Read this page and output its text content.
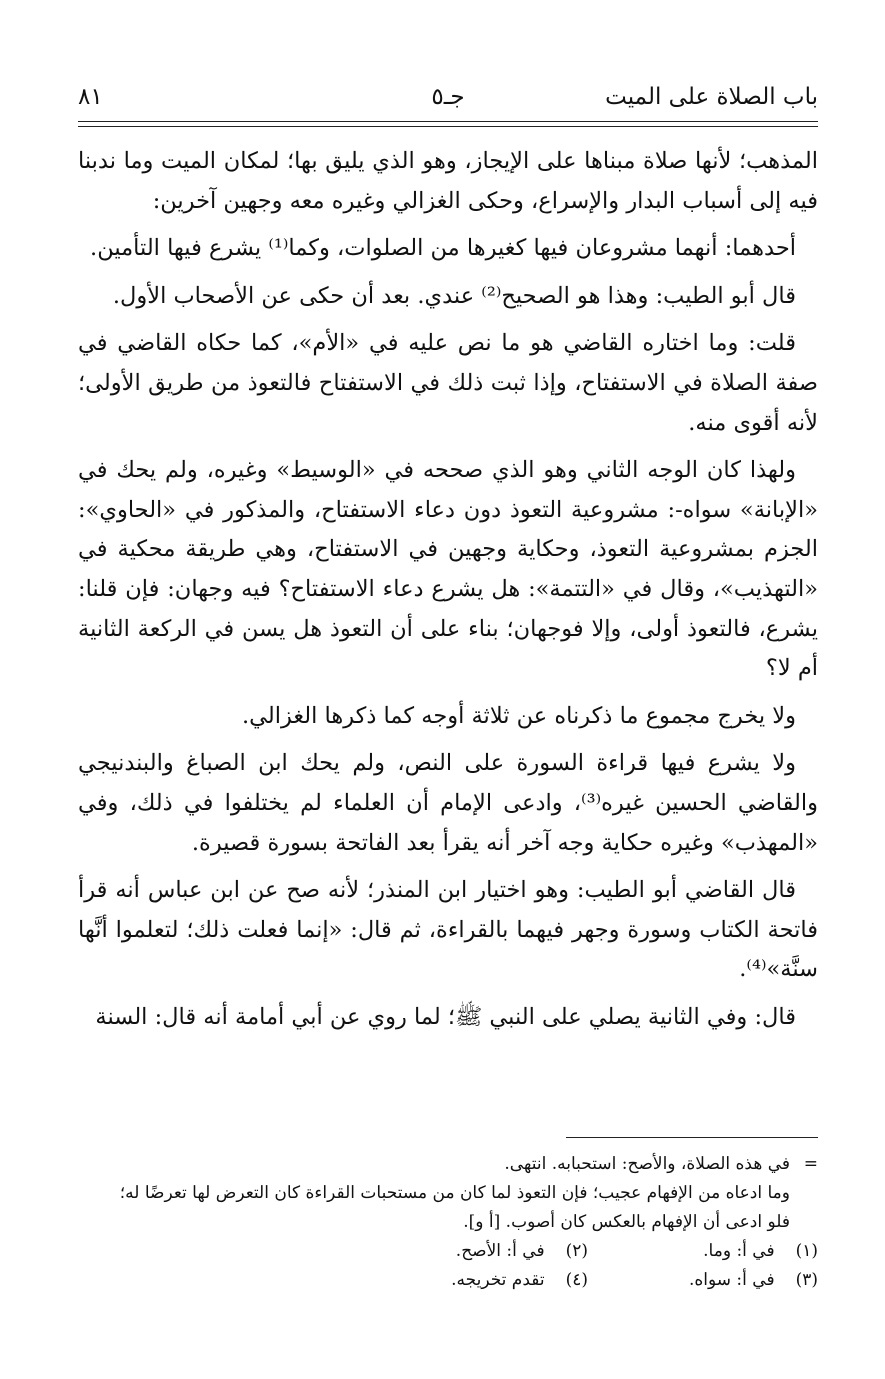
باب الصلاة على الميت
جـ٥
٨١

المذهب؛ لأنها صلاة مبناها على الإيجاز، وهو الذي يليق بها؛ لمكان الميت وما ندبنا فيه إلى أسباب البدار والإسراع، وحكى الغزالي وغيره معه وجهين آخرين:

أحدهما: أنهما مشروعان فيها كغيرها من الصلوات، وكما⁽¹⁾ يشرع فيها التأمين.

قال أبو الطيب: وهذا هو الصحيح⁽²⁾ عندي. بعد أن حكى عن الأصحاب الأول.

قلت: وما اختاره القاضي هو ما نص عليه في «الأم»، كما حكاه القاضي في صفة الصلاة في الاستفتاح، وإذا ثبت ذلك في الاستفتاح فالتعوذ من طريق الأولى؛ لأنه أقوى منه.

ولهذا كان الوجه الثاني وهو الذي صححه في «الوسيط» وغيره، ولم يحك في «الإبانة» سواه-: مشروعية التعوذ دون دعاء الاستفتاح، والمذكور في «الحاوي»: الجزم بمشروعية التعوذ، وحكاية وجهين في الاستفتاح، وهي طريقة محكية في «التهذيب»، وقال في «التتمة»: هل يشرع دعاء الاستفتاح؟ فيه وجهان: فإن قلنا: يشرع، فالتعوذ أولى، وإلا فوجهان؛ بناء على أن التعوذ هل يسن في الركعة الثانية أم لا؟

ولا يخرج مجموع ما ذكرناه عن ثلاثة أوجه كما ذكرها الغزالي.

ولا يشرع فيها قراءة السورة على النص، ولم يحك ابن الصباغ والبندنيجي والقاضي الحسين غيره⁽³⁾، وادعى الإمام أن العلماء لم يختلفوا في ذلك، وفي «المهذب» وغيره حكاية وجه آخر أنه يقرأ بعد الفاتحة بسورة قصيرة.

قال القاضي أبو الطيب: وهو اختيار ابن المنذر؛ لأنه صح عن ابن عباس أنه قرأ فاتحة الكتاب وسورة وجهر فيهما بالقراءة، ثم قال: «إنما فعلت ذلك؛ لتعلموا أنَّها سنَّة»⁽⁴⁾.

قال: وفي الثانية يصلي على النبي ﷺ؛ لما روي عن أبي أمامة أنه قال: السنة

=
في هذه الصلاة، والأصح: استحبابه. انتهى.

وما ادعاه من الإفهام عجيب؛ فإن التعوذ لما كان من مستحبات القراءة كان التعرض لها تعرضًا له؛

فلو ادعى أن الإفهام بالعكس كان أصوب. [أ و].

(١) في أ: وما.
(٢) في أ: الأصح.
(٣) في أ: سواه.
(٤) تقدم تخريجه.
